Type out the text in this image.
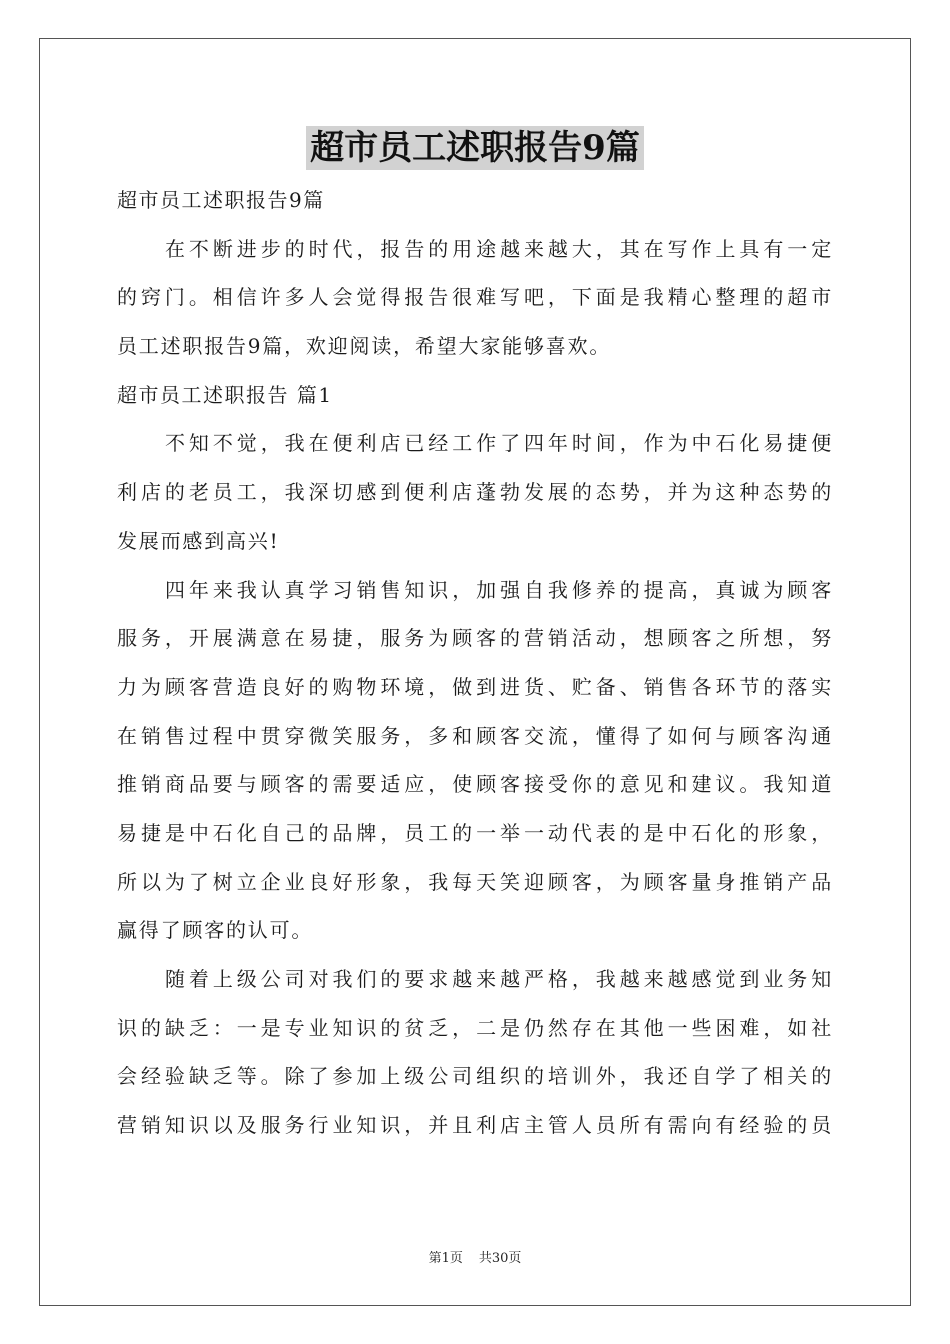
超市员工述职报告9篇
超市员工述职报告9篇
在不断进步的时代，报告的用途越来越大，其在写作上具有一定
的窍门。相信许多人会觉得报告很难写吧，下面是我精心整理的超市
员工述职报告9篇，欢迎阅读，希望大家能够喜欢。
超市员工述职报告 篇1
不知不觉，我在便利店已经工作了四年时间，作为中石化易捷便
利店的老员工，我深切感到便利店蓬勃发展的态势，并为这种态势的
发展而感到高兴!
四年来我认真学习销售知识，加强自我修养的提高，真诚为顾客
服务，开展满意在易捷，服务为顾客的营销活动，想顾客之所想，努
力为顾客营造良好的购物环境，做到进货、贮备、销售各环节的落实
在销售过程中贯穿微笑服务，多和顾客交流，懂得了如何与顾客沟通
推销商品要与顾客的需要适应，使顾客接受你的意见和建议。我知道
易捷是中石化自己的品牌，员工的一举一动代表的是中石化的形象，
所以为了树立企业良好形象，我每天笑迎顾客，为顾客量身推销产品
赢得了顾客的认可。
随着上级公司对我们的要求越来越严格，我越来越感觉到业务知
识的缺乏：一是专业知识的贫乏，二是仍然存在其他一些困难，如社
会经验缺乏等。除了参加上级公司组织的培训外，我还自学了相关的
营销知识以及服务行业知识，并且利店主管人员所有需向有经验的员
第1页 共30页
